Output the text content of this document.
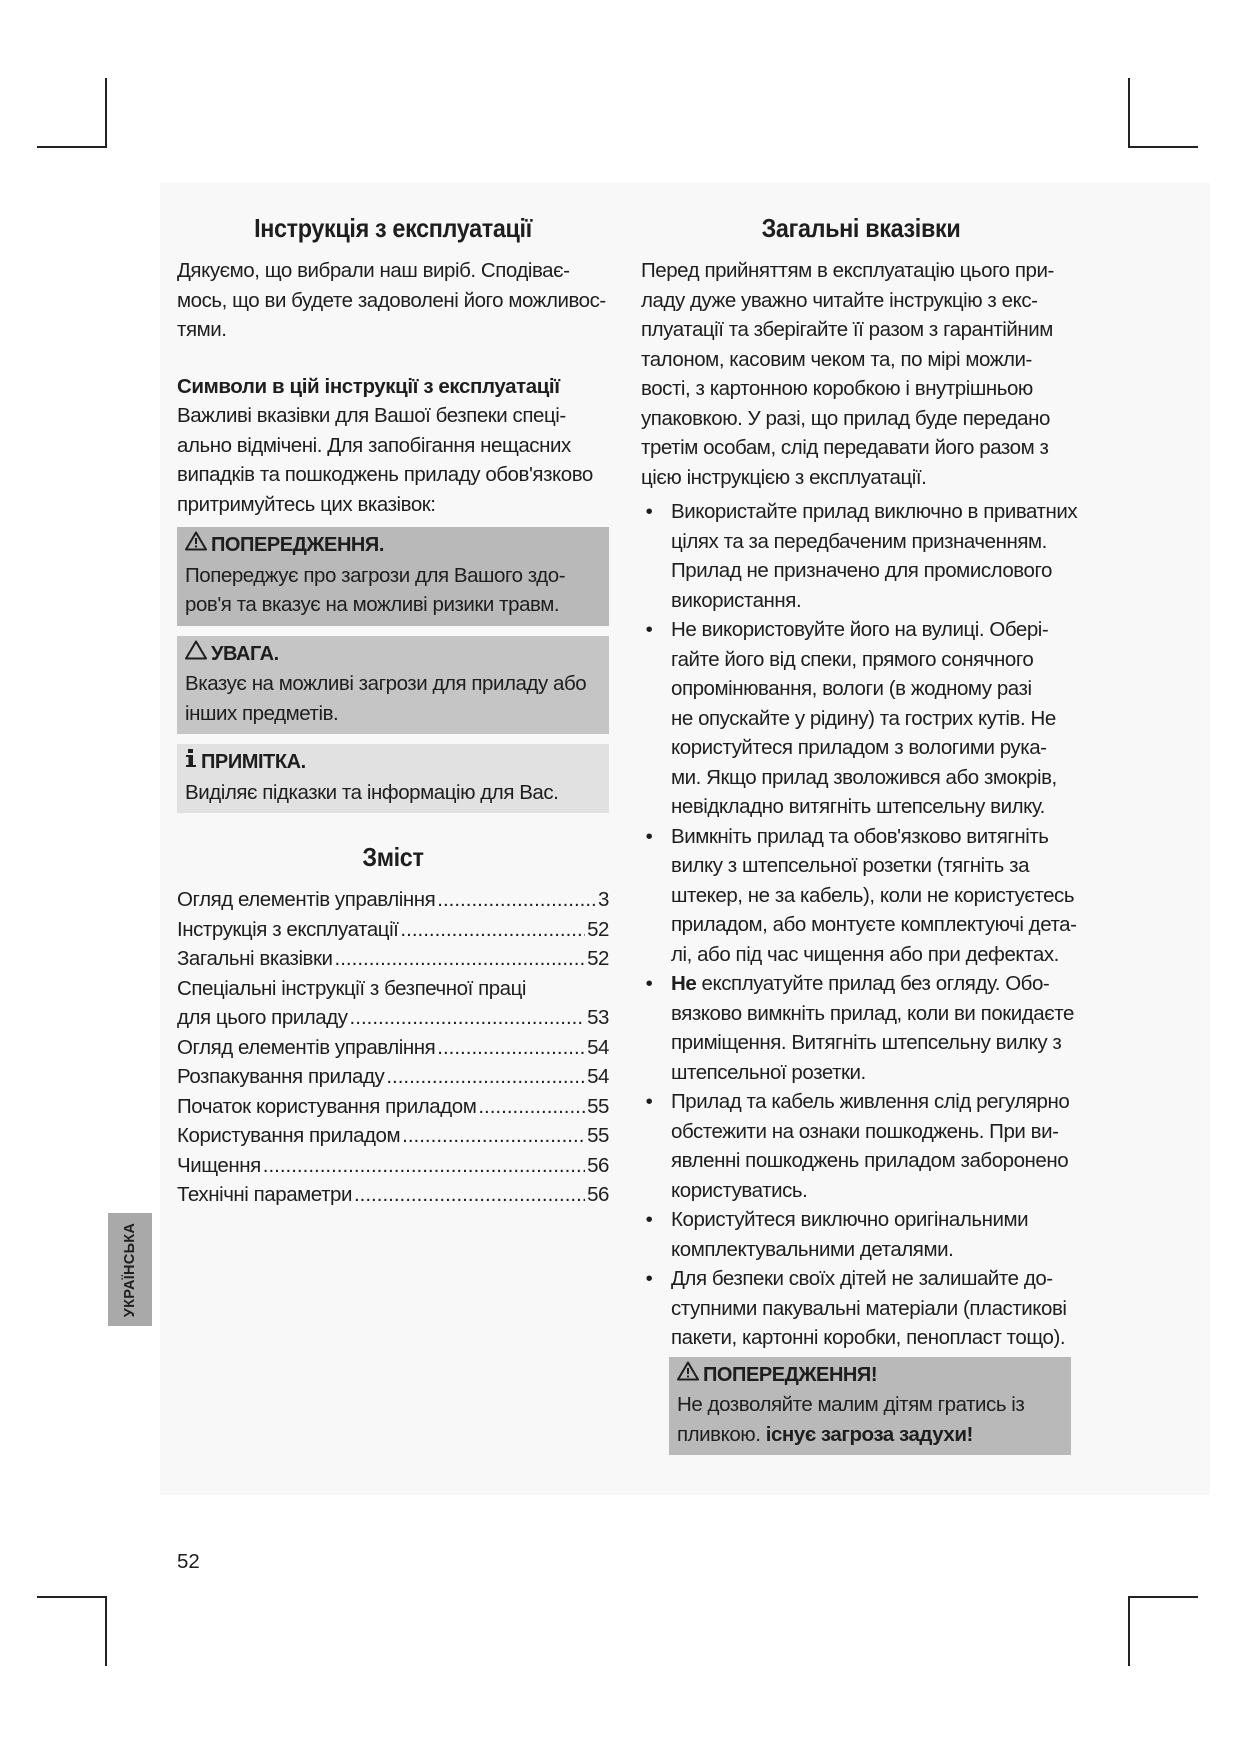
Інструкція з експлуатації
Дякуємо, що вибрали наш виріб. Сподіває-
мось, що ви будете задоволені його можливос-
тями.
Символи в цій інструкції з експлуатації
Важливі вказівки для Вашої безпеки спеці-
ально відмічені. Для запобігання нещасних
випадків та пошкоджень приладу обов'язково
притримуйтесь цих вказівок:
ПОПЕРЕДЖЕННЯ.
Попереджує про загрози для Вашого здо-
ров'я та вказує на можливі ризики травм.
УВАГА.
Вказує на можливі загрози для приладу або
інших предметів.
ПРИМІТКА.
Виділяє підказки та інформацію для Вас.
Зміст
Огляд елементів управління .....	3
Інструкція з експлуатації .....	52
Загальні вказівки .....	52
Спеціальні інструкції з безпечної праці
для цього приладу .....	53
Огляд елементів управління .....	54
Розпакування приладу .....	54
Початок користування приладом .....	55
Користування приладом .....	55
Чищення .....	56
Технічні параметри .....	56
Загальні вказівки
Перед прийняттям в експлуатацію цього при-
ладу дуже уважно читайте інструкцію з екс-
плуатації та зберігайте її разом з гарантійним
талоном, касовим чеком та, по мірі можли-
вості, з картонною коробкою і внутрішньою
упаковкою. У разі, що прилад буде передано
третім особам, слід передавати його разом з
цією інструкцією з експлуатації.
• Використайте прилад виключно в приватних
цілях та за передбаченим призначенням.
Прилад не призначено для промислового
використання.
• Не використовуйте його на вулиці. Обері-
гайте його від спеки, прямого сонячного
опромінювання, вологи (в жодному разі
не опускайте у рідину) та гострих кутів. Не
користуйтеся приладом з вологими рука-
ми. Якщо прилад зволожився або змокрів,
невідкладно витягніть штепсельну вилку.
• Вимкніть прилад та обов'язково витягніть
вилку з штепсельної розетки (тягніть за
штекер, не за кабель), коли не користуєтесь
приладом, або монтуєте комплектуючі дета-
лі, або під час чищення або при дефектах.
• Не експлуатуйте прилад без огляду. Обо-
вязково вимкніть прилад, коли ви покидаєте
приміщення. Витягніть штепсельну вилку з
штепсельної розетки.
• Прилад та кабель живлення слід регулярно
обстежити на ознаки пошкоджень. При ви-
явленні пошкоджень приладом заборонено
користуватись.
• Користуйтеся виключно оригінальними
комплектувальними деталями.
• Для безпеки своїх дітей не залишайте до-
ступними пакувальні матеріали (пластикові
пакети, картонні коробки, пенопласт тощо).
ПОПЕРЕДЖЕННЯ!
Не дозволяйте малим дітям гратись із
пливкою. існує загроза задухи!
УКРАЇНСЬКА
52
